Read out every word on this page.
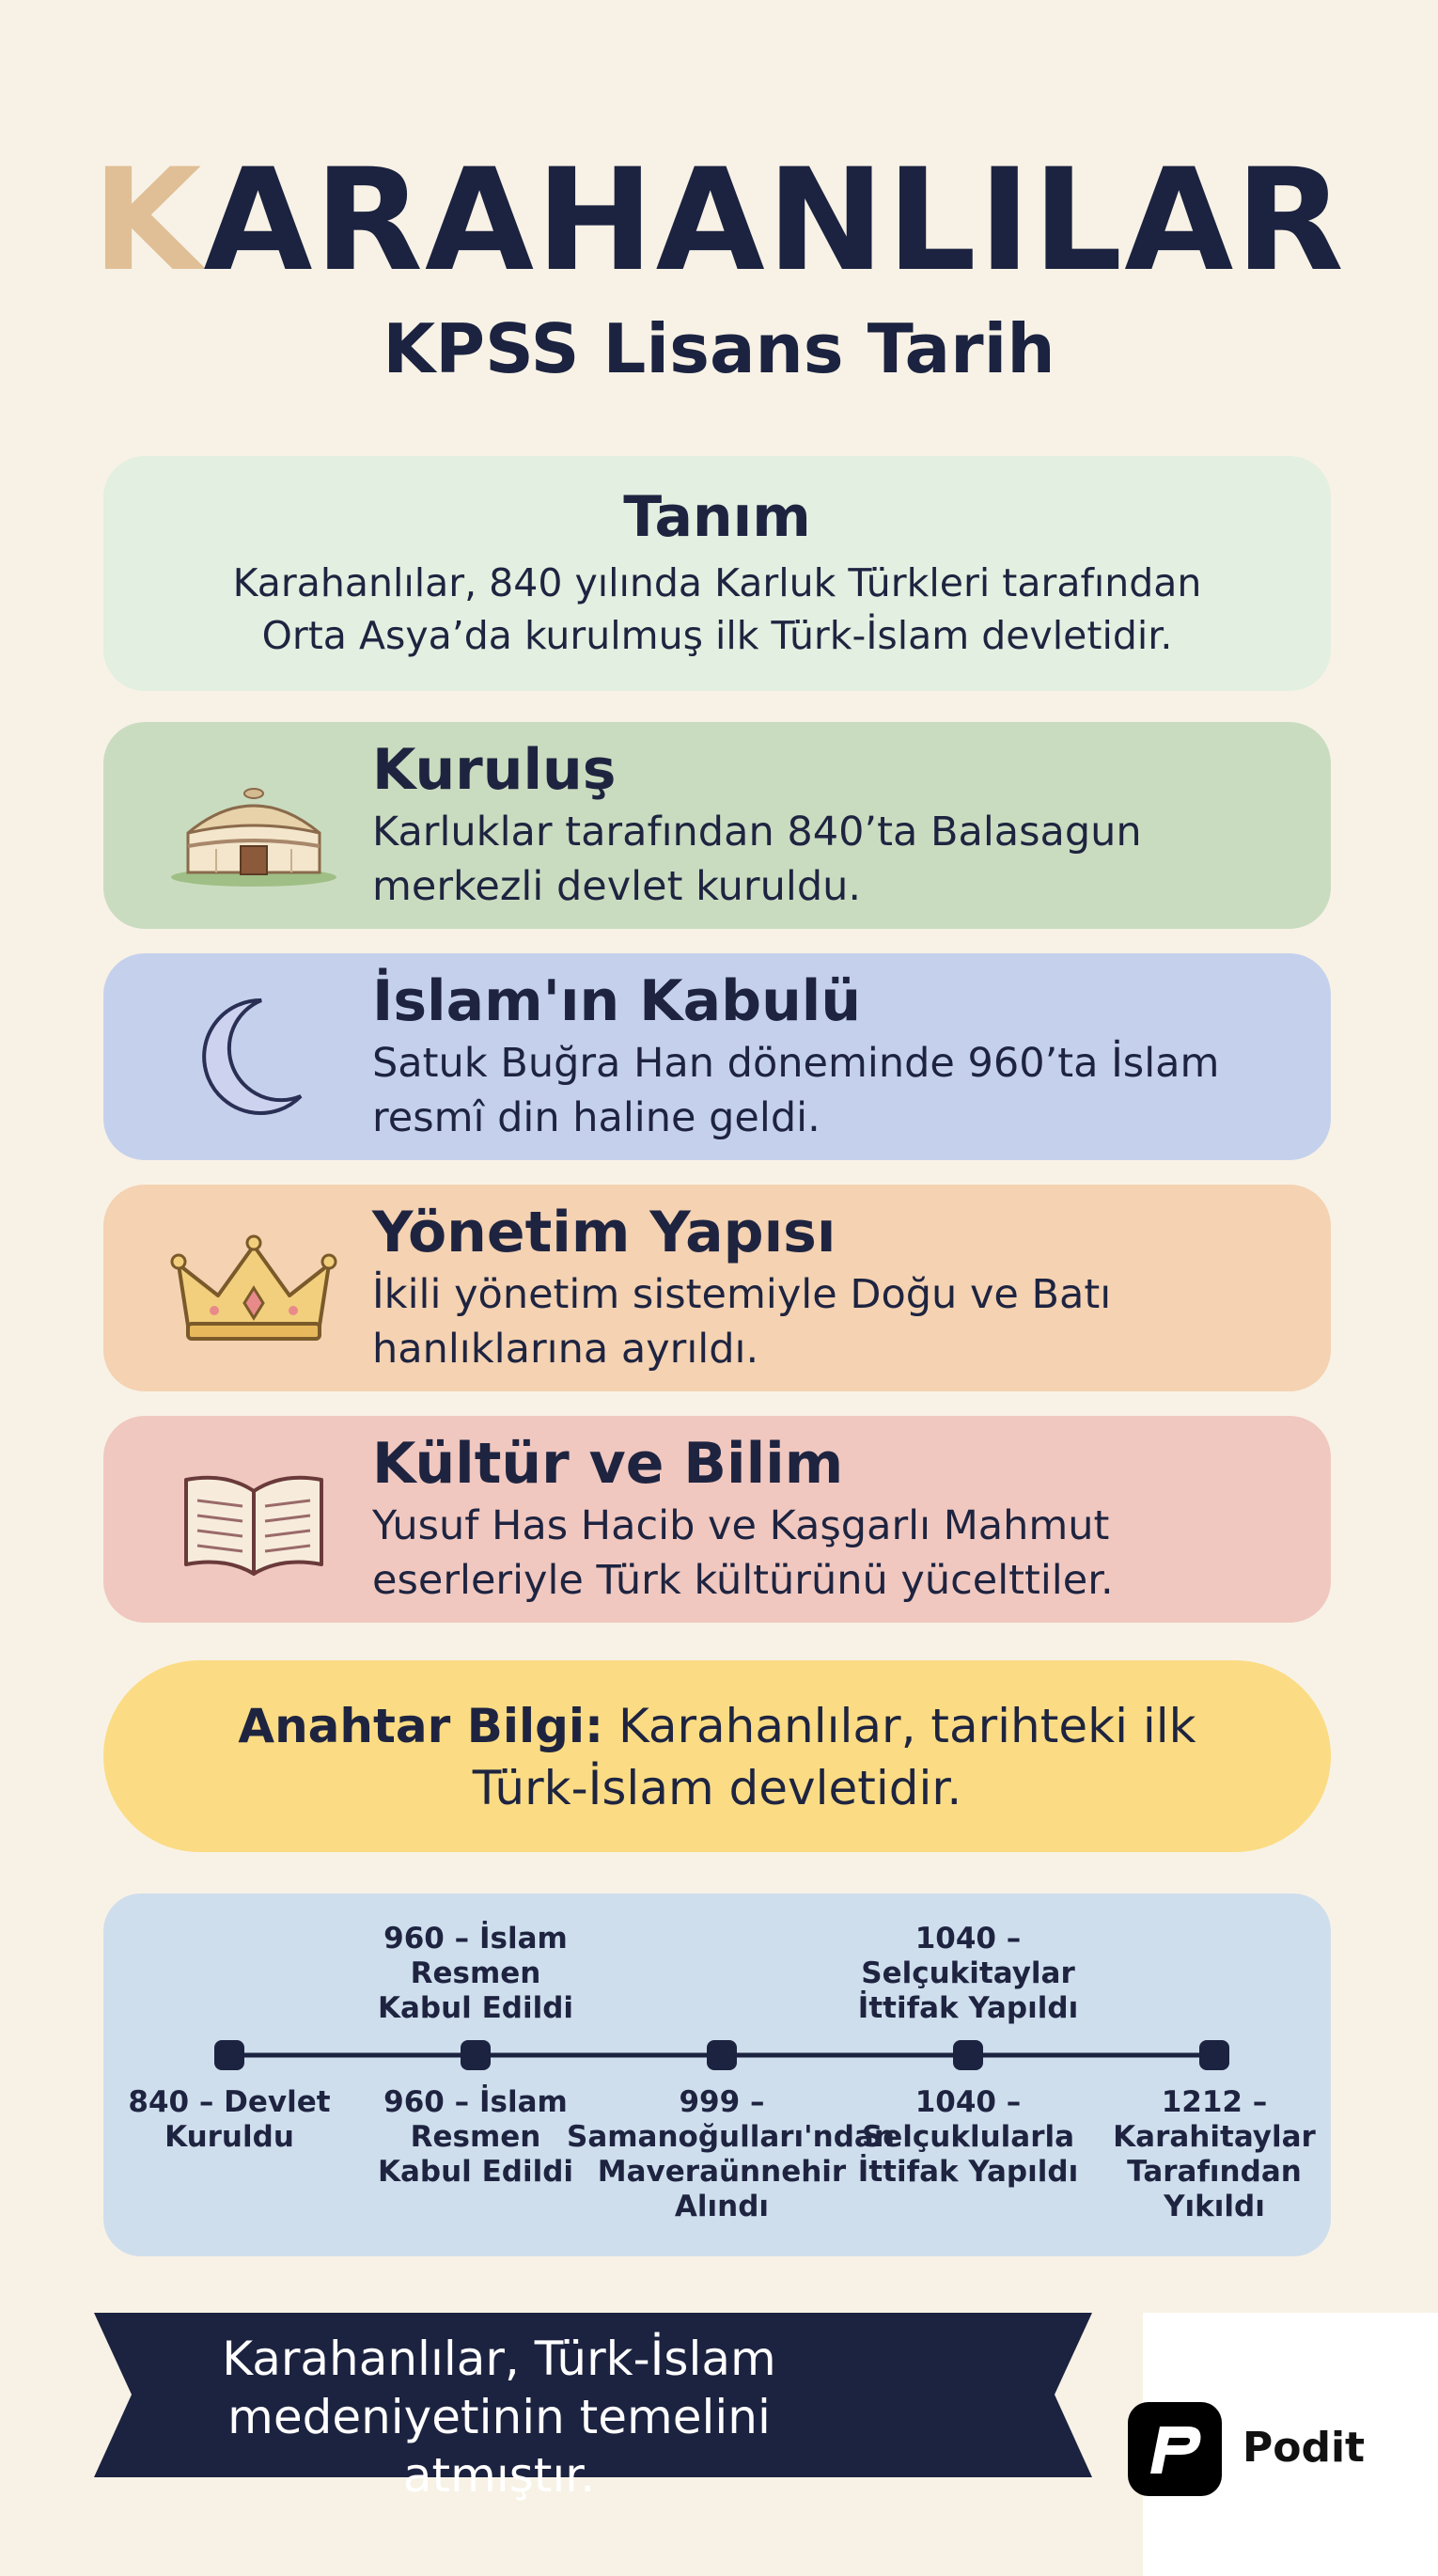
KARAHANLILAR
KPSS Lisans Tarih
Tanım
Karahanlılar, 840 yılında Karluk Türkleri tarafından
Orta Asya’da kurulmuş ilk Türk-İslam devletidir.
Kuruluş
Karluklar tarafından 840’ta Balasagun
merkezli devlet kuruldu.
İslam'ın Kabulü
Satuk Buğra Han döneminde 960’ta İslam
resmî din haline geldi.
Yönetim Yapısı
İkili yönetim sistemiyle Doğu ve Batı
hanlıklarına ayrıldı.
Kültür ve Bilim
Yusuf Has Hacib ve Kaşgarlı Mahmut
eserleriyle Türk kültürünü yücelttiler.
Anahtar Bilgi: Karahanlılar, tarihteki ilk
Türk-İslam devletidir.
960 – İslam
Resmen
Kabul Edildi
1040 –
Selçukitaylar
İttifak Yapıldı
840 – Devlet
Kuruldu
960 – İslam
Resmen
Kabul Edildi
999 –
Samanoğulları'ndan
Maveraünnehir
Alındı
1040 –
Selçuklularla
İttifak Yapıldı
1212 –
Karahitaylar
Tarafından
Yıkıldı
Karahanlılar, Türk-İslam
medeniyetinin temelini atmıştır.
Podit
